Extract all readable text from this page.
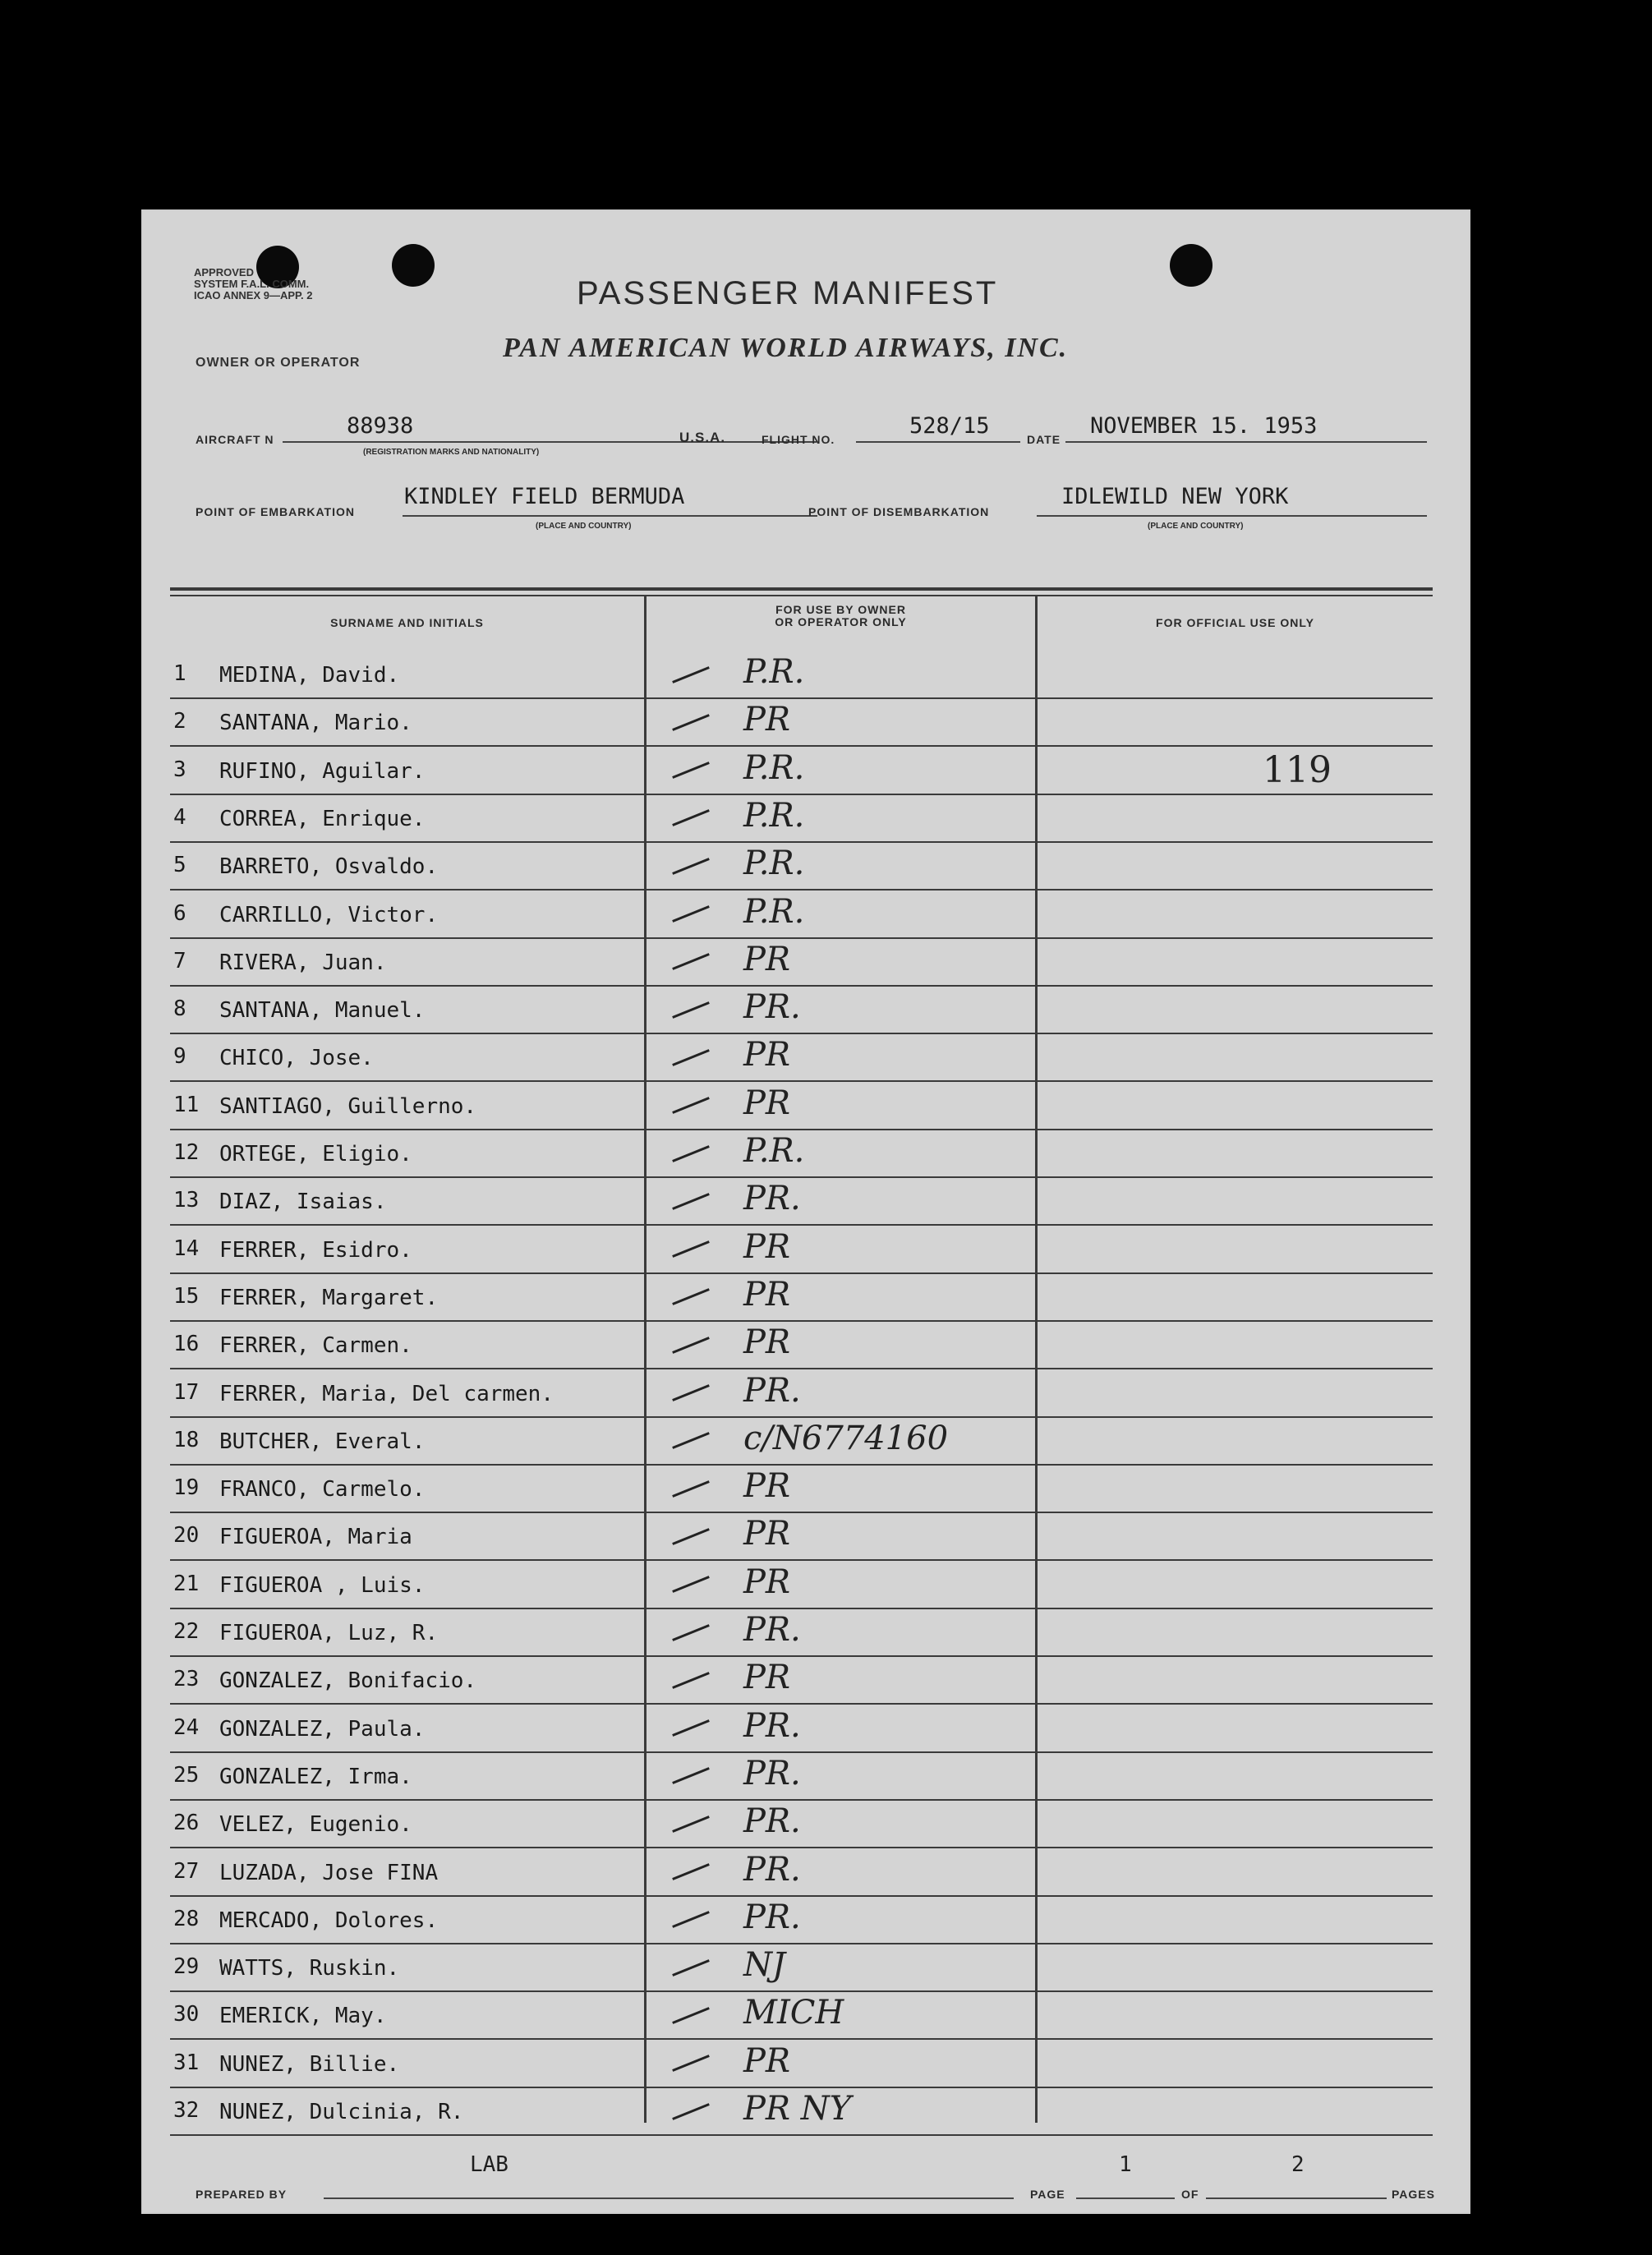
APPROVED
SYSTEM F.A.L. COMM.
ICAO ANNEX 9—APP. 2
OWNER OR OPERATOR
PASSENGER MANIFEST
PAN AMERICAN WORLD AIRWAYS, INC.
AIRCRAFT N
88938
(REGISTRATION MARKS AND NATIONALITY)
U.S.A.	FLIGHT NO.
528/15
DATE
NOVEMBER 15. 1953
POINT OF EMBARKATION
KINDLEY FIELD BERMUDA
(PLACE AND COUNTRY)
POINT OF DISEMBARKATION
IDLEWILD NEW YORK
(PLACE AND COUNTRY)
SURNAME AND INITIALS
FOR USE BY OWNER
OR OPERATOR ONLY	FOR OFFICIAL USE ONLY
1	MEDINA, David.	P.R.
2	SANTANA, Mario.	PR
3	RUFINO, Aguilar.	P.R.	119
4	CORREA, Enrique.	P.R.
5	BARRETO, Osvaldo.	P.R.
6	CARRILLO, Victor.	P.R.
7	RIVERA, Juan.	PR
8	SANTANA, Manuel.	PR.
9	CHICO, Jose.	PR
11 SANTIAGO, Guillerno.	PR
12 ORTEGE, Eligio.	P.R.
13 DIAZ, Isaias.	PR.
14 FERRER, Esidro.	PR
15 FERRER, Margaret.	PR
16 FERRER, Carmen.	PR
17 FERRER, Maria, Del carmen.	PR.
18 BUTCHER, Everal.	c/N6774160
19 FRANCO, Carmelo.	PR
20 FIGUEROA, Maria	PR
21 FIGUEROA , Luis.	PR
22 FIGUEROA, Luz, R.	PR.
23 GONZALEZ, Bonifacio.	PR
24 GONZALEZ, Paula.	PR.
25 GONZALEZ, Irma.	PR.
26 VELEZ, Eugenio.	PR.
27 LUZADA, Jose FINA	PR.
28 MERCADO, Dolores.	PR.
29 WATTS, Ruskin.	NJ
30 EMERICK, May.	MICH
31 NUNEZ, Billie.	PR
32 NUNEZ, Dulcinia, R.	PR NY
LAB
PREPARED BY	PAGE
1
OF
2
PAGES
